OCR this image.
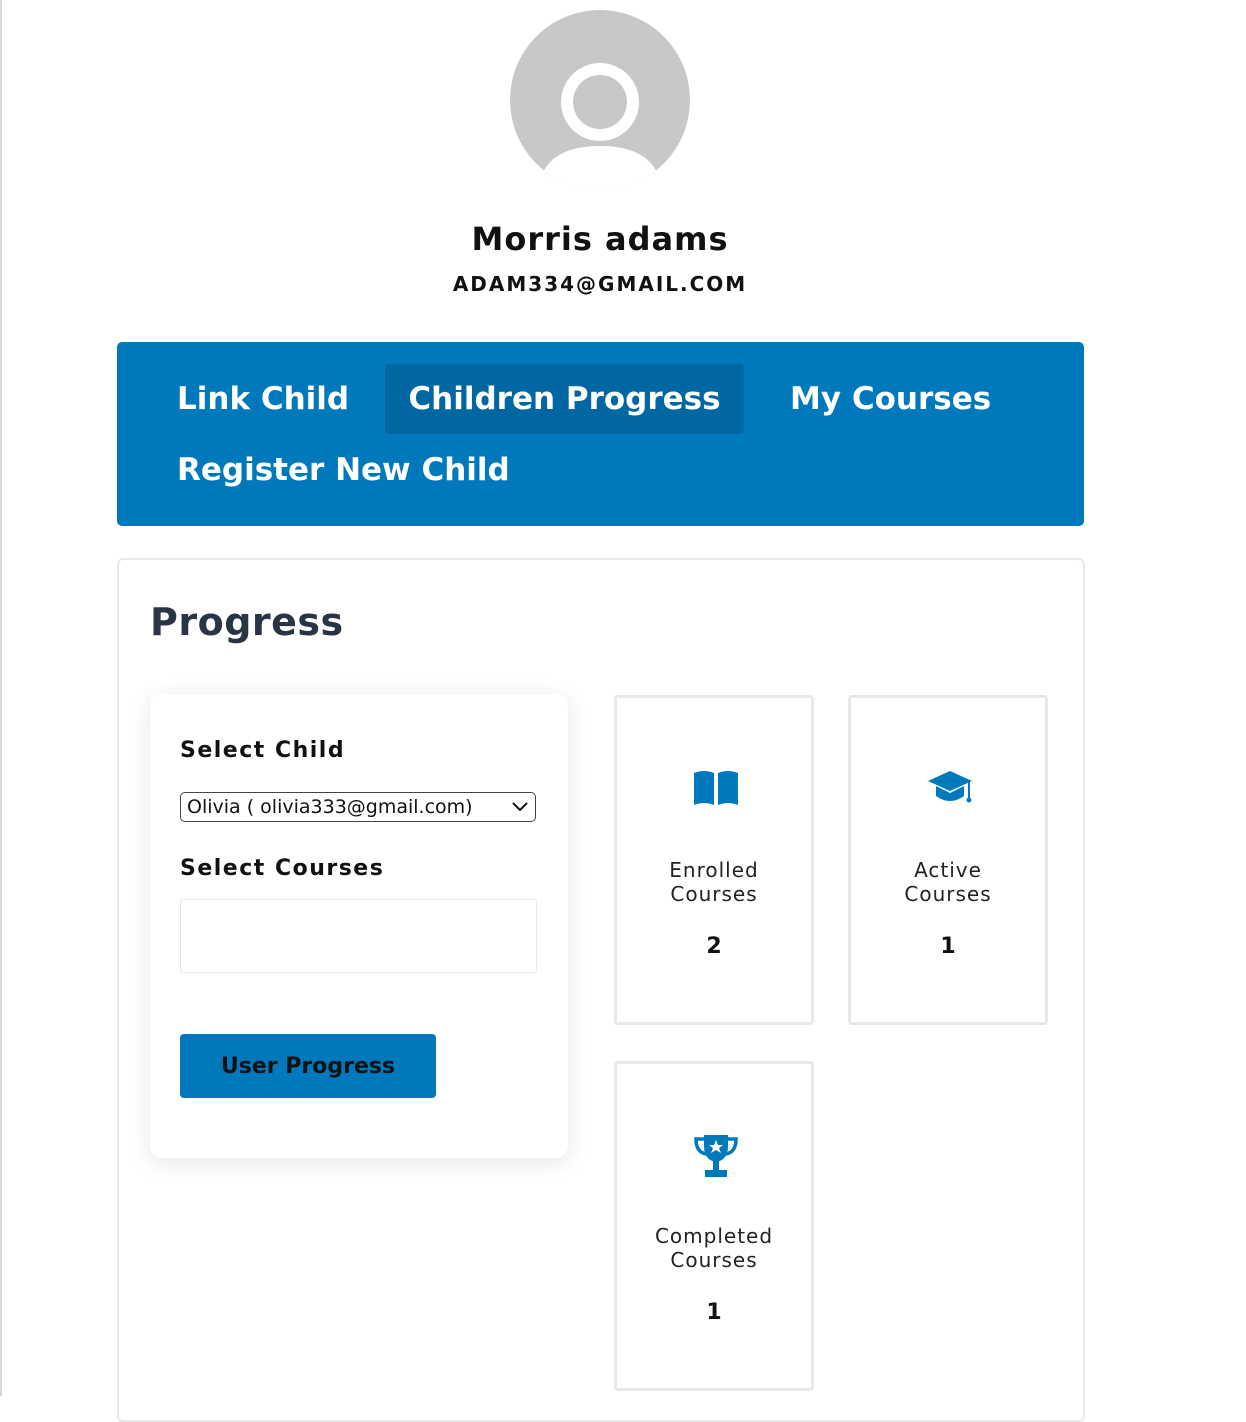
Morris adams
ADAM334@GMAIL.COM
Link Child	Children Progress	My Courses
Register New Child
Progress
Select Child
Olivia ( olivia333@gmail.com)
Select Courses
User Progress
Enrolled
Courses
2
Active
Courses
1
Completed
Courses
1
